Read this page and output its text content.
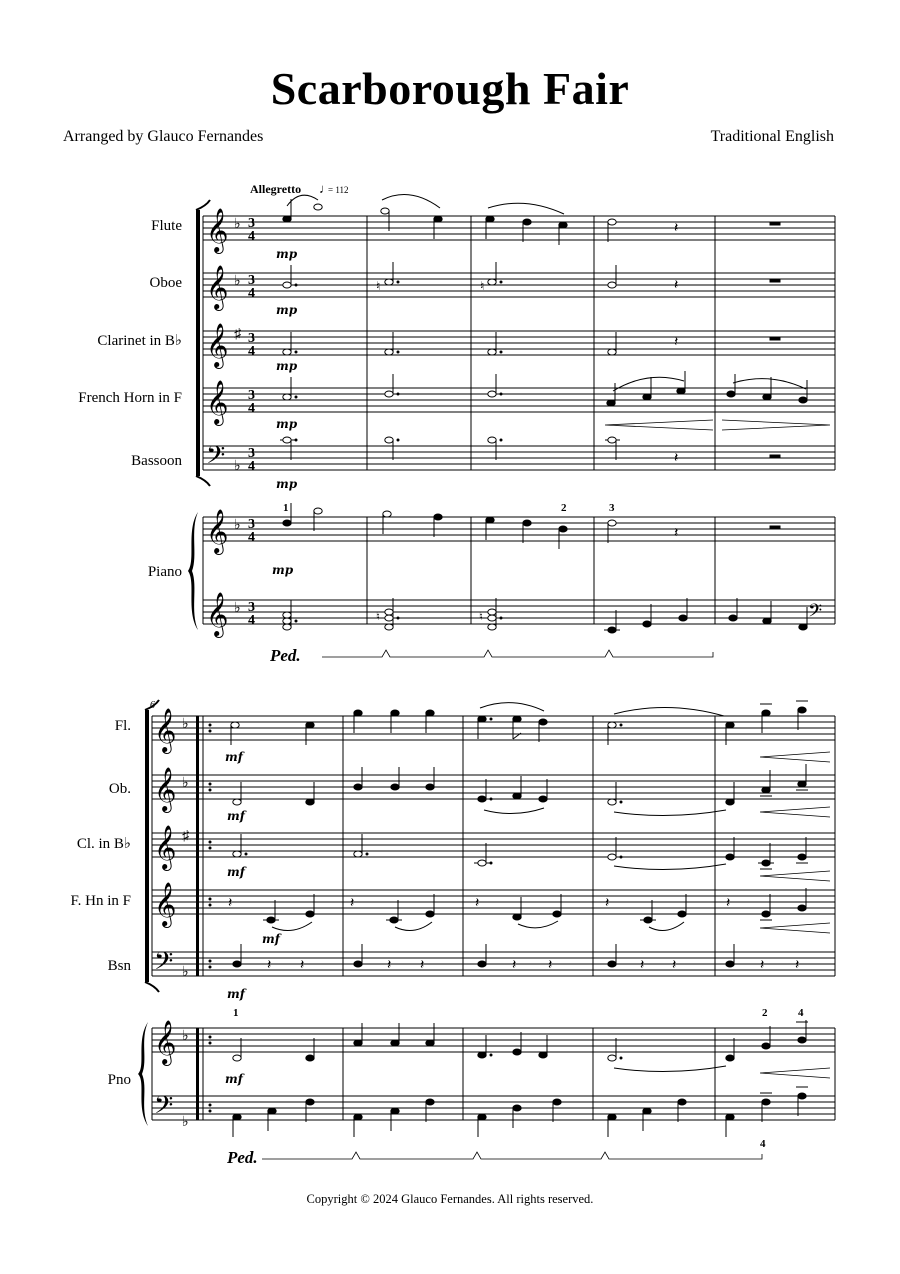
Scarborough Fair
Arranged by Glauco Fernandes	Traditional English
Allegretto ♩
= 112
Flute
Oboe
Clarinet in B♭
French Horn in F
Bassoon
Piano
𝄞
𝄞
𝄞
𝄞
𝄢
𝄞
𝄞
♭
♭
♯
♭
♭
♭
3
4
3
4
3
4
3
4
3
4
3
4
3
4
𝄽
mp
♮	♮	𝄽
mp
𝄽
mp
mp
𝄽
mp
1	2	3
𝄽
mp
♮	♮	𝄢
Ped.
6
Fl.
Ob.
Cl. in B♭
F. Hn in F
Bsn
Pno
𝄞
𝄞
𝄞
𝄞
𝄢
𝄞
𝄢
♭
♭
♯
♭
♭
♭
mf
mf
mf
𝄽	𝄽	𝄽	𝄽	𝄽
mf
𝄽 𝄽	𝄽 𝄽	𝄽 𝄽	𝄽 𝄽	𝄽 𝄽
mf
1	2	4
mf
Ped.
4
Copyright © 2024 Glauco Fernandes. All rights reserved.
